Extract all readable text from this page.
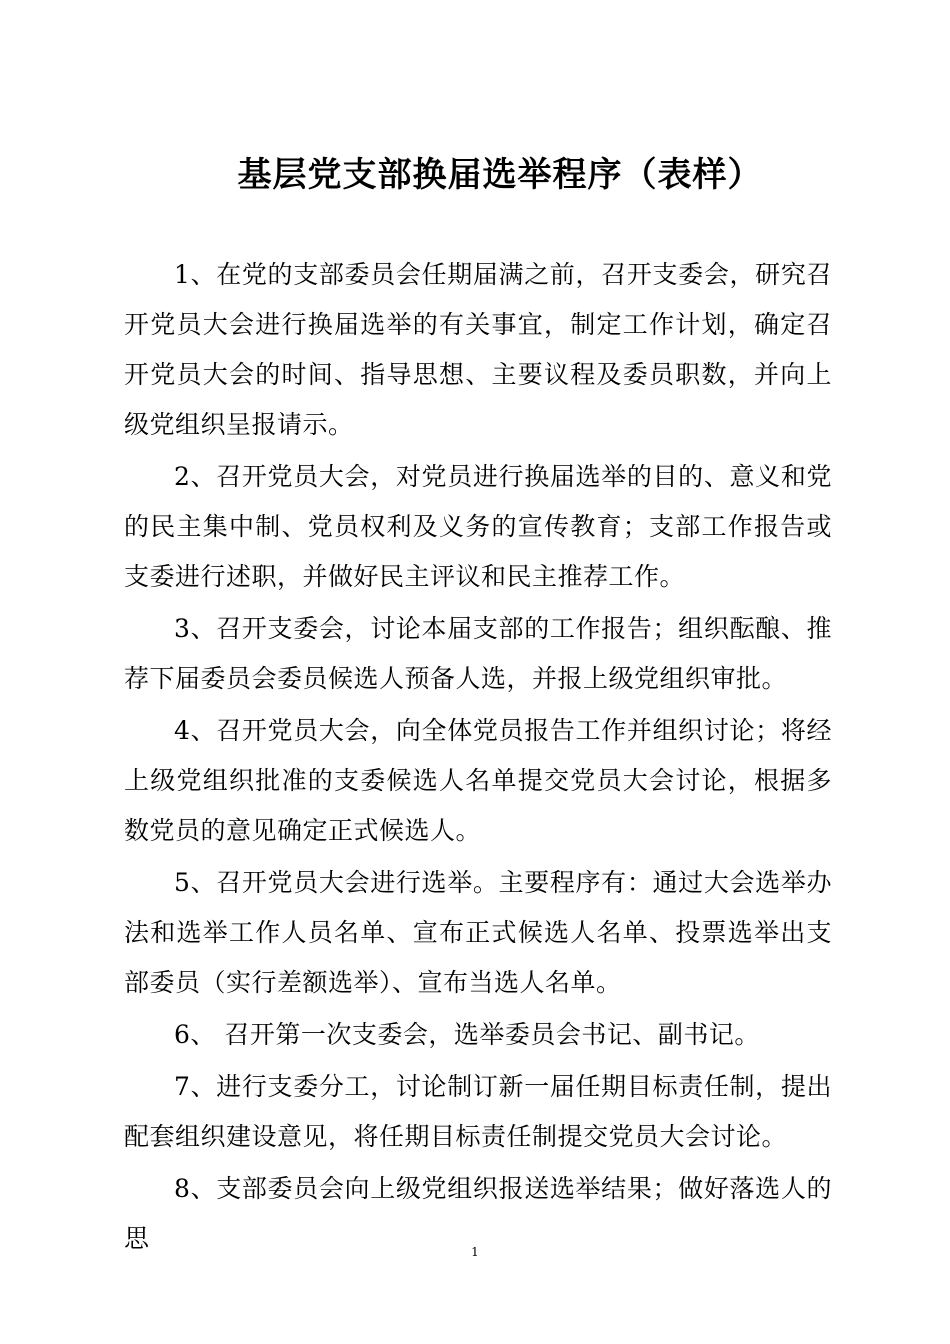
基层党支部换届选举程序（表样）

1、在党的支部委员会任期届满之前，召开支委会，研究召开党员大会进行换届选举的有关事宜，制定工作计划，确定召开党员大会的时间、指导思想、主要议程及委员职数，并向上级党组织呈报请示。

2、召开党员大会，对党员进行换届选举的目的、意义和党的民主集中制、党员权利及义务的宣传教育；支部工作报告或支委进行述职，并做好民主评议和民主推荐工作。

3、召开支委会，讨论本届支部的工作报告；组织酝酿、推荐下届委员会委员候选人预备人选，并报上级党组织审批。

4、召开党员大会，向全体党员报告工作并组织讨论；将经上级党组织批准的支委候选人名单提交党员大会讨论，根据多数党员的意见确定正式候选人。

5、召开党员大会进行选举。主要程序有：通过大会选举办法和选举工作人员名单、宣布正式候选人名单、投票选举出支部委员（实行差额选举）、宣布当选人名单。

6、 召开第一次支委会，选举委员会书记、副书记。

7、进行支委分工，讨论制订新一届任期目标责任制，提出配套组织建设意见，将任期目标责任制提交党员大会讨论。

8、支部委员会向上级党组织报送选举结果；做好落选人的思	1
